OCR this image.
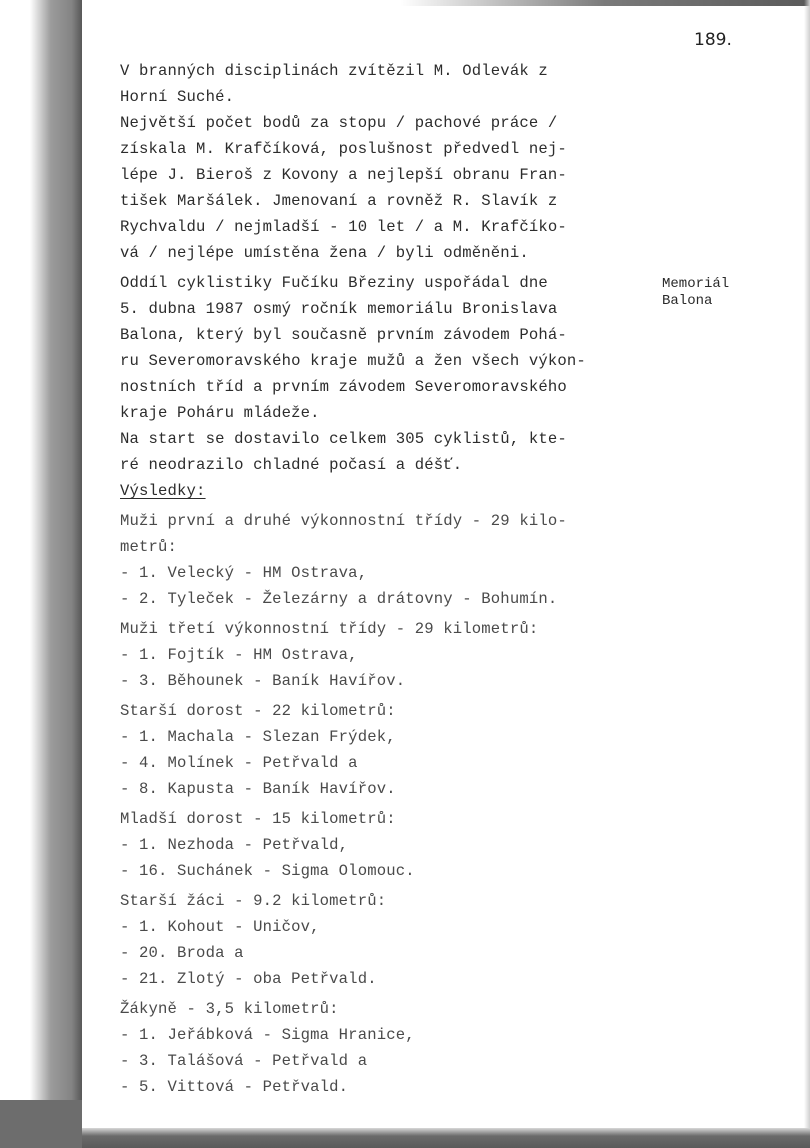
189.
Memoriál
Balona
V branných disciplinách zvítězil M. Odlevák z
Horní Suché.
Největší počet bodů za stopu / pachové práce /
získala M. Krafčíková, poslušnost předvedl nej-
lépe J. Bieroš z Kovony a nejlepší obranu Fran-
tišek Maršálek. Jmenovaní a rovněž R. Slavík z
Rychvaldu / nejmladší - 10 let / a M. Krafčíko-
vá / nejlépe umístěna žena / byli odměněni.
Oddíl cyklistiky Fučíku Březiny uspořádal dne
5. dubna 1987 osmý ročník memoriálu Bronislava
Balona, který byl současně prvním závodem Pohá-
ru Severomoravského kraje mužů a žen všech výkon-
nostních tříd a prvním závodem Severomoravského
kraje Poháru mládeže.
Na start se dostavilo celkem 305 cyklistů, kte-
ré neodrazilo chladné počasí a déšť.
Výsledky:
Muži první a druhé výkonnostní třídy - 29 kilo-
metrů:
- 1. Velecký - HM Ostrava,
- 2. Tyleček - Železárny a drátovny - Bohumín.
Muži třetí výkonnostní třídy - 29 kilometrů:
- 1. Fojtík - HM Ostrava,
- 3. Běhounek - Baník Havířov.
Starší dorost - 22 kilometrů:
- 1. Machala - Slezan Frýdek,
- 4. Molínek - Petřvald a
- 8. Kapusta - Baník Havířov.
Mladší dorost - 15 kilometrů:
- 1. Nezhoda - Petřvald,
- 16. Suchánek - Sigma Olomouc.
Starší žáci - 9.2 kilometrů:
- 1. Kohout - Uničov,
- 20. Broda a
- 21. Zlotý - oba Petřvald.
Žákyně - 3,5 kilometrů:
- 1. Jeřábková - Sigma Hranice,
- 3. Talášová - Petřvald a
- 5. Vittová - Petřvald.
